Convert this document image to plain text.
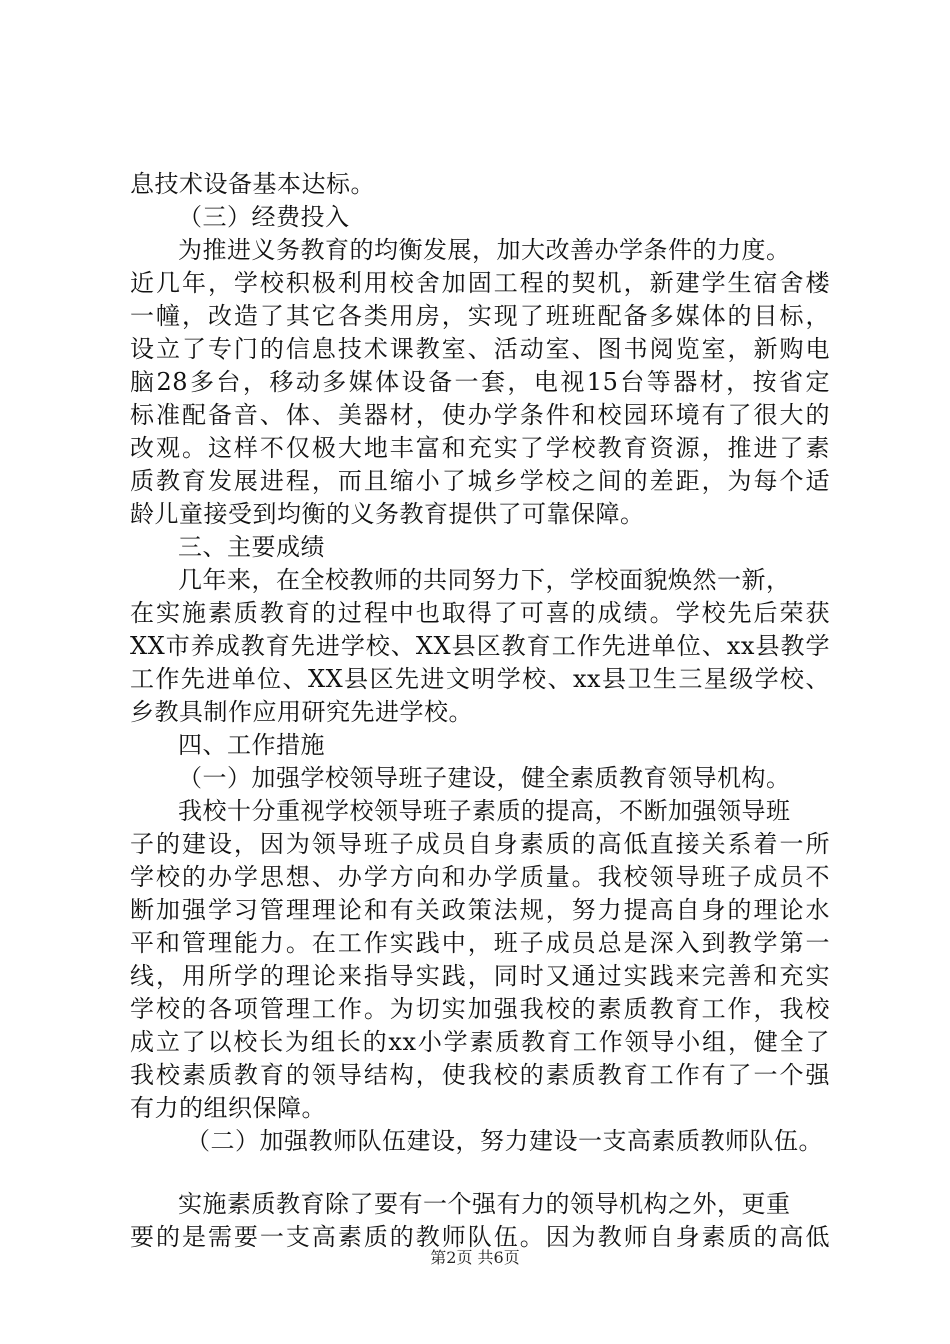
息技术设备基本达标。
（三）经费投入
为推进义务教育的均衡发展，加大改善办学条件的力度。
近几年，学校积极利用校舍加固工程的契机，新建学生宿舍楼
一幢，改造了其它各类用房，实现了班班配备多媒体的目标，
设立了专门的信息技术课教室、活动室、图书阅览室，新购电
脑28多台，移动多媒体设备一套，电视15台等器材，按省定
标准配备音、体、美器材，使办学条件和校园环境有了很大的
改观。这样不仅极大地丰富和充实了学校教育资源，推进了素
质教育发展进程，而且缩小了城乡学校之间的差距，为每个适
龄儿童接受到均衡的义务教育提供了可靠保障。
三、主要成绩
几年来，在全校教师的共同努力下，学校面貌焕然一新，
在实施素质教育的过程中也取得了可喜的成绩。学校先后荣获
XX市养成教育先进学校、XX县区教育工作先进单位、xx县教学
工作先进单位、XX县区先进文明学校、xx县卫生三星级学校、
乡教具制作应用研究先进学校。
四、工作措施
（一）加强学校领导班子建设，健全素质教育领导机构。
我校十分重视学校领导班子素质的提高，不断加强领导班
子的建设，因为领导班子成员自身素质的高低直接关系着一所
学校的办学思想、办学方向和办学质量。我校领导班子成员不
断加强学习管理理论和有关政策法规，努力提高自身的理论水
平和管理能力。在工作实践中，班子成员总是深入到教学第一
线，用所学的理论来指导实践，同时又通过实践来完善和充实
学校的各项管理工作。为切实加强我校的素质教育工作，我校
成立了以校长为组长的xx小学素质教育工作领导小组，健全了
我校素质教育的领导结构，使我校的素质教育工作有了一个强
有力的组织保障。
（二）加强教师队伍建设，努力建设一支高素质教师队伍。
实施素质教育除了要有一个强有力的领导机构之外，更重
要的是需要一支高素质的教师队伍。因为教师自身素质的高低
第2页 共6页
